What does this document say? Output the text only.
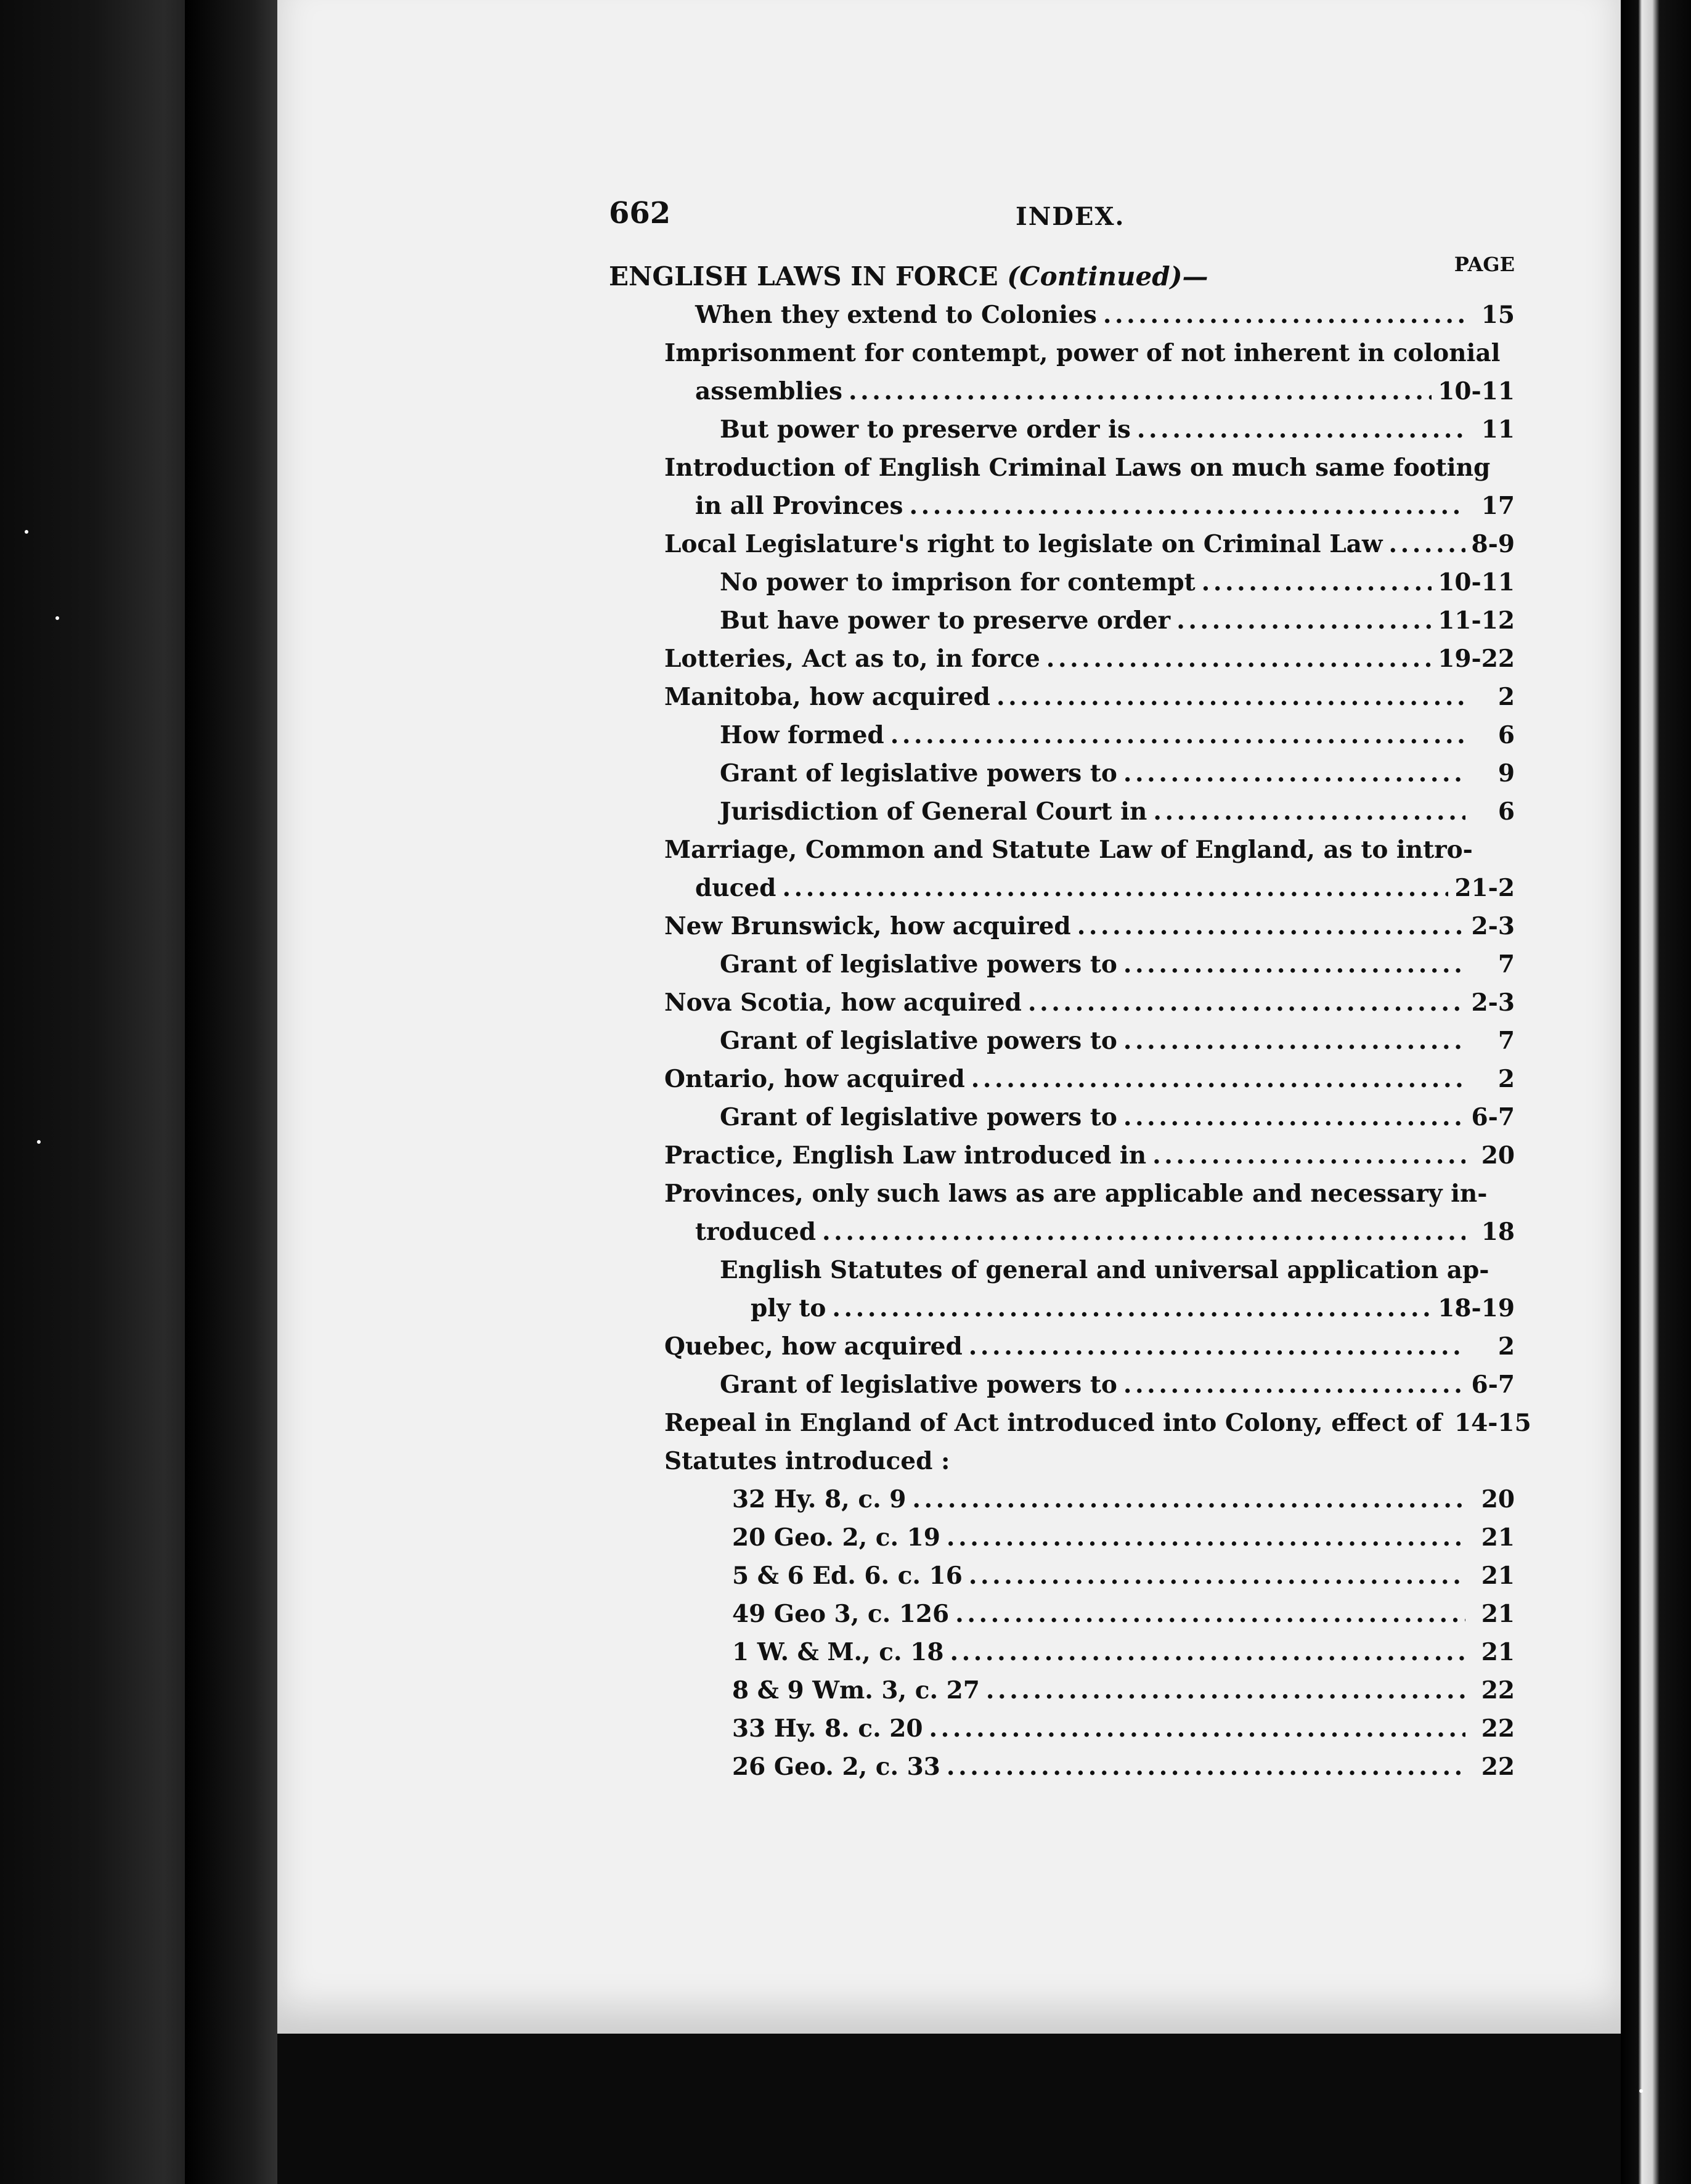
662	INDEX.
PAGE
ENGLISH LAWS IN FORCE (Continued)—
When they extend to Colonies . . .	15
Imprisonment for contempt, power of not inherent in colonial
assemblies . . .	10-11
But power to preserve order is . . .	11
Introduction of English Criminal Laws on much same footing
in all Provinces . . .	17
Local Legislature's right to legislate on Criminal Law . . .	8-9
No power to imprison for contempt . . .	10-11
But have power to preserve order . . .	11-12
Lotteries, Act as to, in force . . .	19-22
Manitoba, how acquired . . .	2
How formed . . .	6
Grant of legislative powers to . . .	9
Jurisdiction of General Court in . . .	6
Marriage, Common and Statute Law of England, as to intro-
duced . . .	21-2
New Brunswick, how acquired . . .	2-3
Grant of legislative powers to . . .	7
Nova Scotia, how acquired . . .	2-3
Grant of legislative powers to . . .	7
Ontario, how acquired . . .	2
Grant of legislative powers to . . .	6-7
Practice, English Law introduced in . . .	20
Provinces, only such laws as are applicable and necessary in-
troduced . . .	18
English Statutes of general and universal application ap-
ply to . . .	18-19
Quebec, how acquired . . .	2
Grant of legislative powers to . . .	6-7
Repeal in England of Act introduced into Colony, effect of 14-15
Statutes introduced :
32 Hy. 8, c. 9 . . .	20
20 Geo. 2, c. 19 . . .	21
5 & 6 Ed. 6. c. 16 . . .	21
49 Geo 3, c. 126 . . .	21
1 W. & M., c. 18 . . .	21
8 & 9 Wm. 3, c. 27 . . .	22
33 Hy. 8. c. 20 . . .	22
26 Geo. 2, c. 33 . . .	22
